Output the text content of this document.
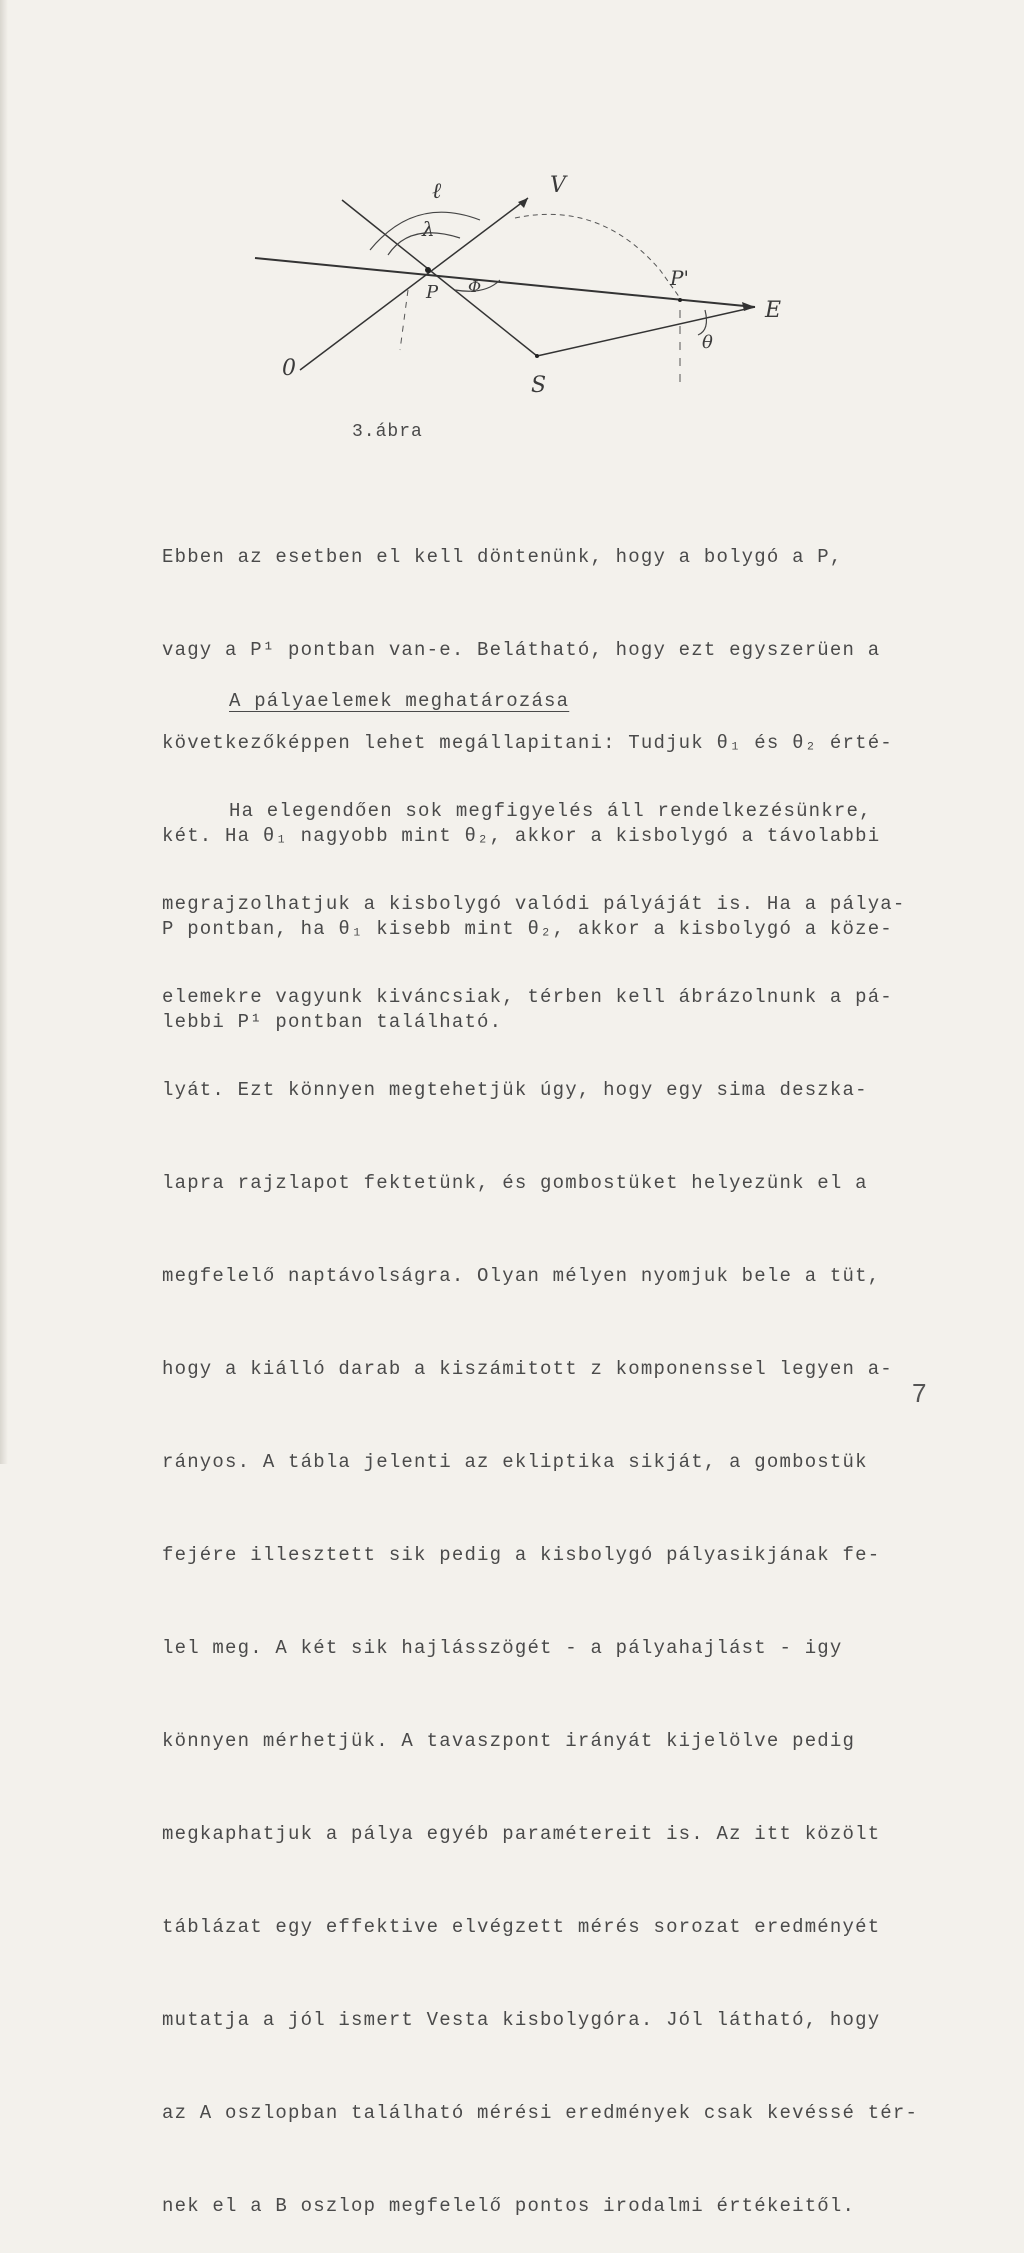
ℓ	V
λ
P Φ	P'
E
θ
0
S
3.ábra

Ebben az esetben el kell döntenünk, hogy a bolygó a P,

vagy a P¹ pontban van-e. Belátható, hogy ezt egyszerüen a

következőképpen lehet megállapitani: Tudjuk θ₁ és θ₂ érté-

két. Ha θ₁ nagyobb mint θ₂, akkor a kisbolygó a távolabbi

P pontban, ha θ₁ kisebb mint θ₂, akkor a kisbolygó a köze-

lebbi P¹ pontban található.

A pályaelemek meghatározása

Ha elegendően sok megfigyelés áll rendelkezésünkre,

megrajzolhatjuk a kisbolygó valódi pályáját is. Ha a pálya-

elemekre vagyunk kiváncsiak, térben kell ábrázolnunk a pá-

lyát. Ezt könnyen megtehetjük úgy, hogy egy sima deszka-

lapra rajzlapot fektetünk, és gombostüket helyezünk el a

megfelelő naptávolságra. Olyan mélyen nyomjuk bele a tüt,

hogy a kiálló darab a kiszámitott z komponenssel legyen a-

rányos. A tábla jelenti az ekliptika sikját, a gombostük

fejére illesztett sik pedig a kisbolygó pályasikjának fe-

lel meg. A két sik hajlásszögét - a pályahajlást - igy

könnyen mérhetjük. A tavaszpont irányát kijelölve pedig

megkaphatjuk a pálya egyéb paramétereit is. Az itt közölt

táblázat egy effektive elvégzett mérés sorozat eredményét

mutatja a jól ismert Vesta kisbolygóra. Jól látható, hogy

az A oszlopban található mérési eredmények csak kevéssé tér-

nek el a B oszlop megfelelő pontos irodalmi értékeitől.

7
